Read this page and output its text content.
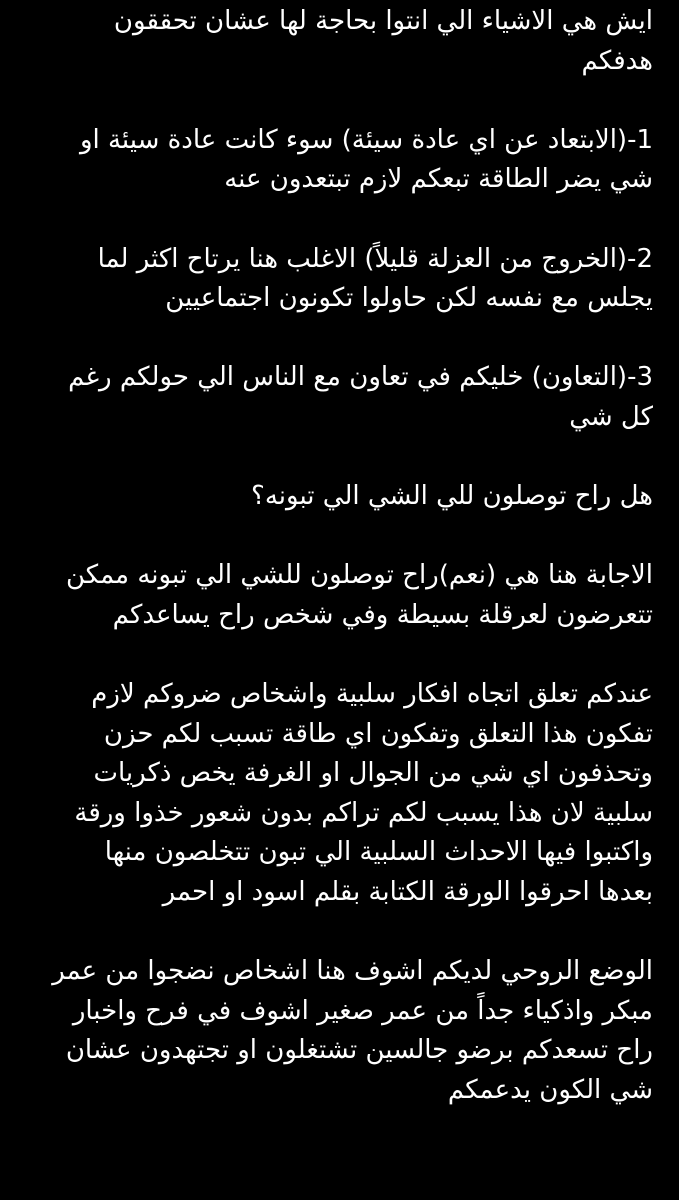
ايش هي الاشياء الي انتوا بحاجة لها عشان تحققون هدفكم

1-(الابتعاد عن اي عادة سيئة) سوء كانت عادة سيئة او شي يضر الطاقة تبعكم لازم تبتعدون عنه

2-(الخروج من العزلة قليلاً) الاغلب هنا يرتاح اكثر لما يجلس مع نفسه لكن حاولوا تكونون اجتماعيين

3-(التعاون) خليكم في تعاون مع الناس الي حولكم رغم كل شي

هل راح توصلون للي الشي الي تبونه؟

الاجابة هنا هي (نعم)راح توصلون للشي الي تبونه ممكن تتعرضون لعرقلة بسيطة وفي شخص راح يساعدكم

عندكم تعلق اتجاه افكار سلبية واشخاص ضروكم لازم تفكون هذا التعلق وتفكون اي طاقة تسبب لكم حزن وتحذفون اي شي من الجوال او الغرفة يخص ذكريات سلبية لان هذا يسبب لكم تراكم بدون شعور خذوا ورقة واكتبوا فيها الاحداث السلبية الي تبون تتخلصون منها بعدها احرقوا الورقة الكتابة بقلم اسود او احمر

الوضع الروحي لديكم اشوف هنا اشخاص نضجوا من عمر مبكر واذكياء جداً من عمر صغير اشوف في فرح واخبار راح تسعدكم برضو جالسين تشتغلون او تجتهدون عشان شي الكون يدعمكم
